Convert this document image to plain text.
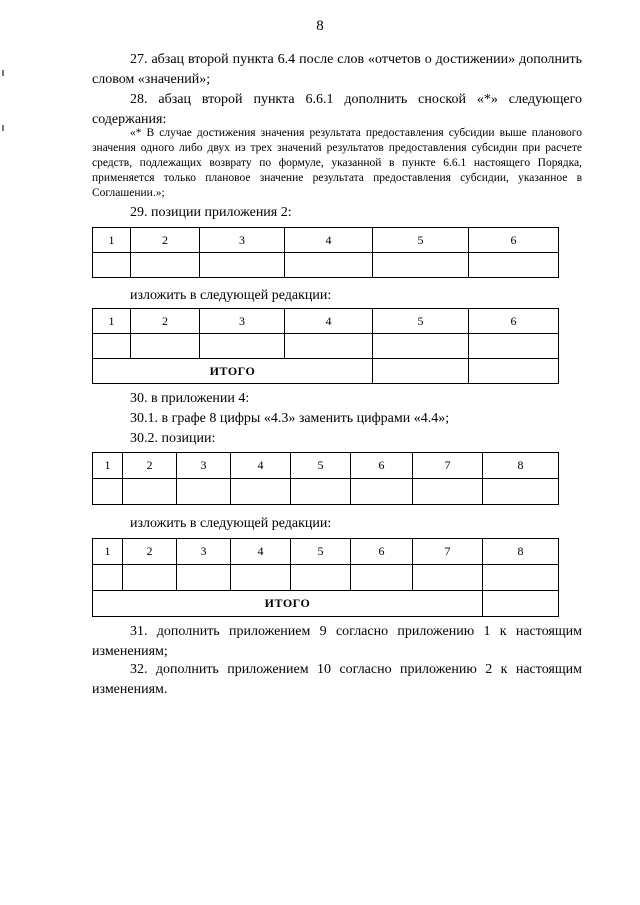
8
27. абзац второй пункта 6.4 после слов «отчетов о достижении» дополнить словом «значений»;
28. абзац второй пункта 6.6.1 дополнить сноской «*» следующего содержания:
«* В случае достижения значения результата предоставления субсидии выше планового значения одного либо двух из трех значений результатов предоставления субсидии при расчете средств, подлежащих возврату по формуле, указанной в пункте 6.6.1 настоящего Порядка, применяется только плановое значение результата предоставления субсидии, указанное в Соглашении.»;
29. позиции приложения 2:
1	2	3	4	5	6

изложить в следующей редакции:
1	2	3	4	5	6

ИТОГО					
30. в приложении 4:
30.1. в графе 8 цифры «4.3» заменить цифрами «4.4»;
30.2. позиции:
1	2	3	4	5	6	7	8

изложить в следующей редакции:
1	2	3	4	5	6	7	8

ИТОГО							
31. дополнить приложением 9 согласно приложению 1 к настоящим изменениям;
32. дополнить приложением 10 согласно приложению 2 к настоящим изменениям.
